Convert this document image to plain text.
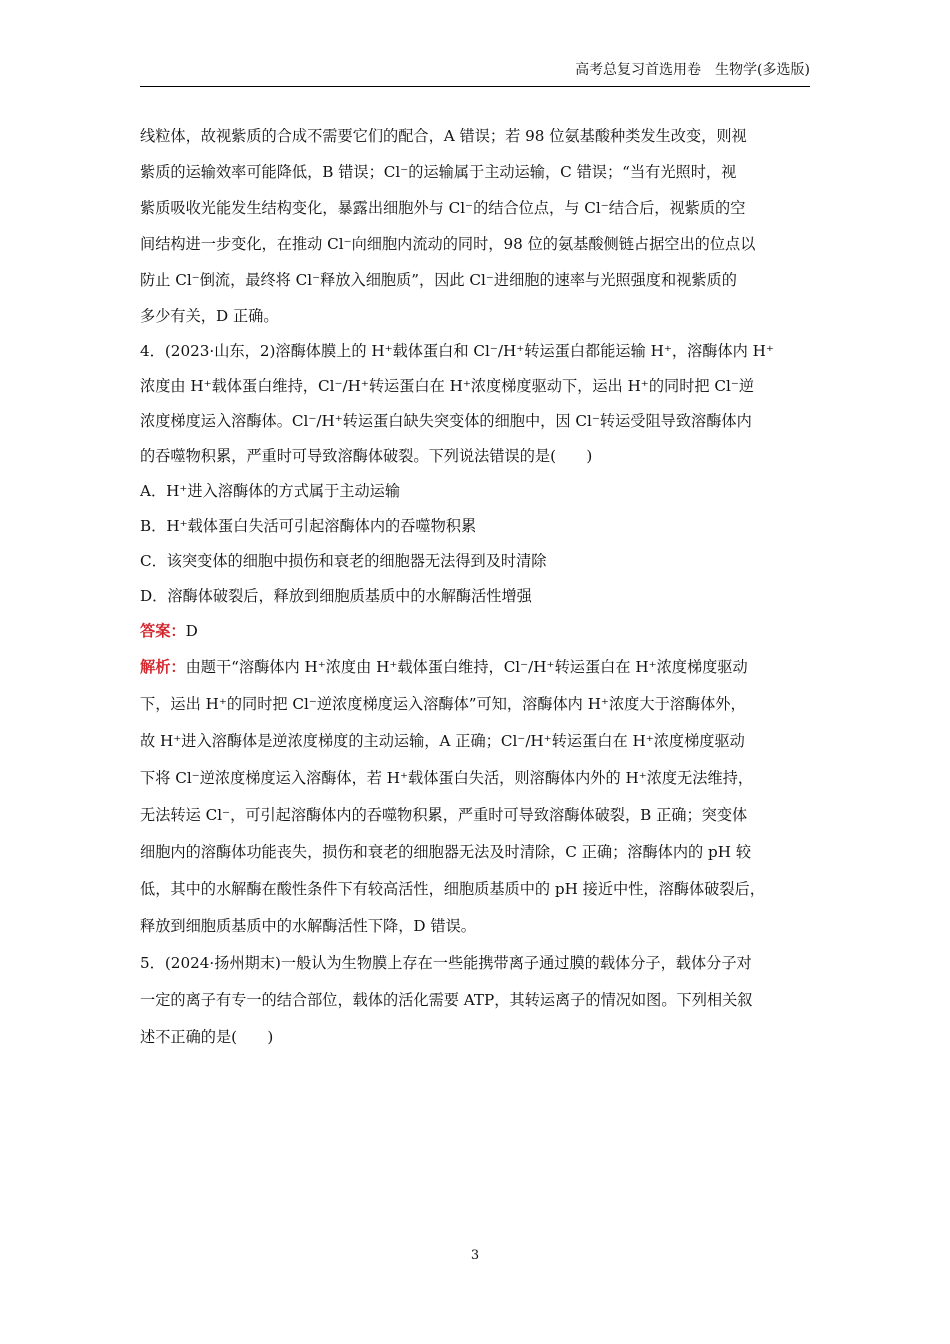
高考总复习首选用卷　生物学(多选版)

线粒体，故视紫质的合成不需要它们的配合，A 错误；若 98 位氨基酸种类发生改变，则视

紫质的运输效率可能降低，B 错误；Cl⁻的运输属于主动运输，C 错误；“当有光照时，视

紫质吸收光能发生结构变化，暴露出细胞外与 Cl⁻的结合位点，与 Cl⁻结合后，视紫质的空

间结构进一步变化，在推动 Cl⁻向细胞内流动的同时，98 位的氨基酸侧链占据空出的位点以

防止 Cl⁻倒流，最终将 Cl⁻释放入细胞质”，因此 Cl⁻进细胞的速率与光照强度和视紫质的

多少有关，D 正确。

4．(2023·山东，2)溶酶体膜上的 H⁺载体蛋白和 Cl⁻/H⁺转运蛋白都能运输 H⁺，溶酶体内 H⁺

浓度由 H⁺载体蛋白维持，Cl⁻/H⁺转运蛋白在 H⁺浓度梯度驱动下，运出 H⁺的同时把 Cl⁻逆

浓度梯度运入溶酶体。Cl⁻/H⁺转运蛋白缺失突变体的细胞中，因 Cl⁻转运受阻导致溶酶体内

的吞噬物积累，严重时可导致溶酶体破裂。下列说法错误的是(　　)

A．H⁺进入溶酶体的方式属于主动运输

B．H⁺载体蛋白失活可引起溶酶体内的吞噬物积累

C．该突变体的细胞中损伤和衰老的细胞器无法得到及时清除

D．溶酶体破裂后，释放到细胞质基质中的水解酶活性增强

答案：D

解析：由题干“溶酶体内 H⁺浓度由 H⁺载体蛋白维持，Cl⁻/H⁺转运蛋白在 H⁺浓度梯度驱动

下，运出 H⁺的同时把 Cl⁻逆浓度梯度运入溶酶体”可知，溶酶体内 H⁺浓度大于溶酶体外，

故 H⁺进入溶酶体是逆浓度梯度的主动运输，A 正确；Cl⁻/H⁺转运蛋白在 H⁺浓度梯度驱动

下将 Cl⁻逆浓度梯度运入溶酶体，若 H⁺载体蛋白失活，则溶酶体内外的 H⁺浓度无法维持，

无法转运 Cl⁻，可引起溶酶体内的吞噬物积累，严重时可导致溶酶体破裂，B 正确；突变体

细胞内的溶酶体功能丧失，损伤和衰老的细胞器无法及时清除，C 正确；溶酶体内的 pH 较

低，其中的水解酶在酸性条件下有较高活性，细胞质基质中的 pH 接近中性，溶酶体破裂后，

释放到细胞质基质中的水解酶活性下降，D 错误。

5．(2024·扬州期末)一般认为生物膜上存在一些能携带离子通过膜的载体分子，载体分子对

一定的离子有专一的结合部位，载体的活化需要 ATP，其转运离子的情况如图。下列相关叙

述不正确的是(　　)

3
